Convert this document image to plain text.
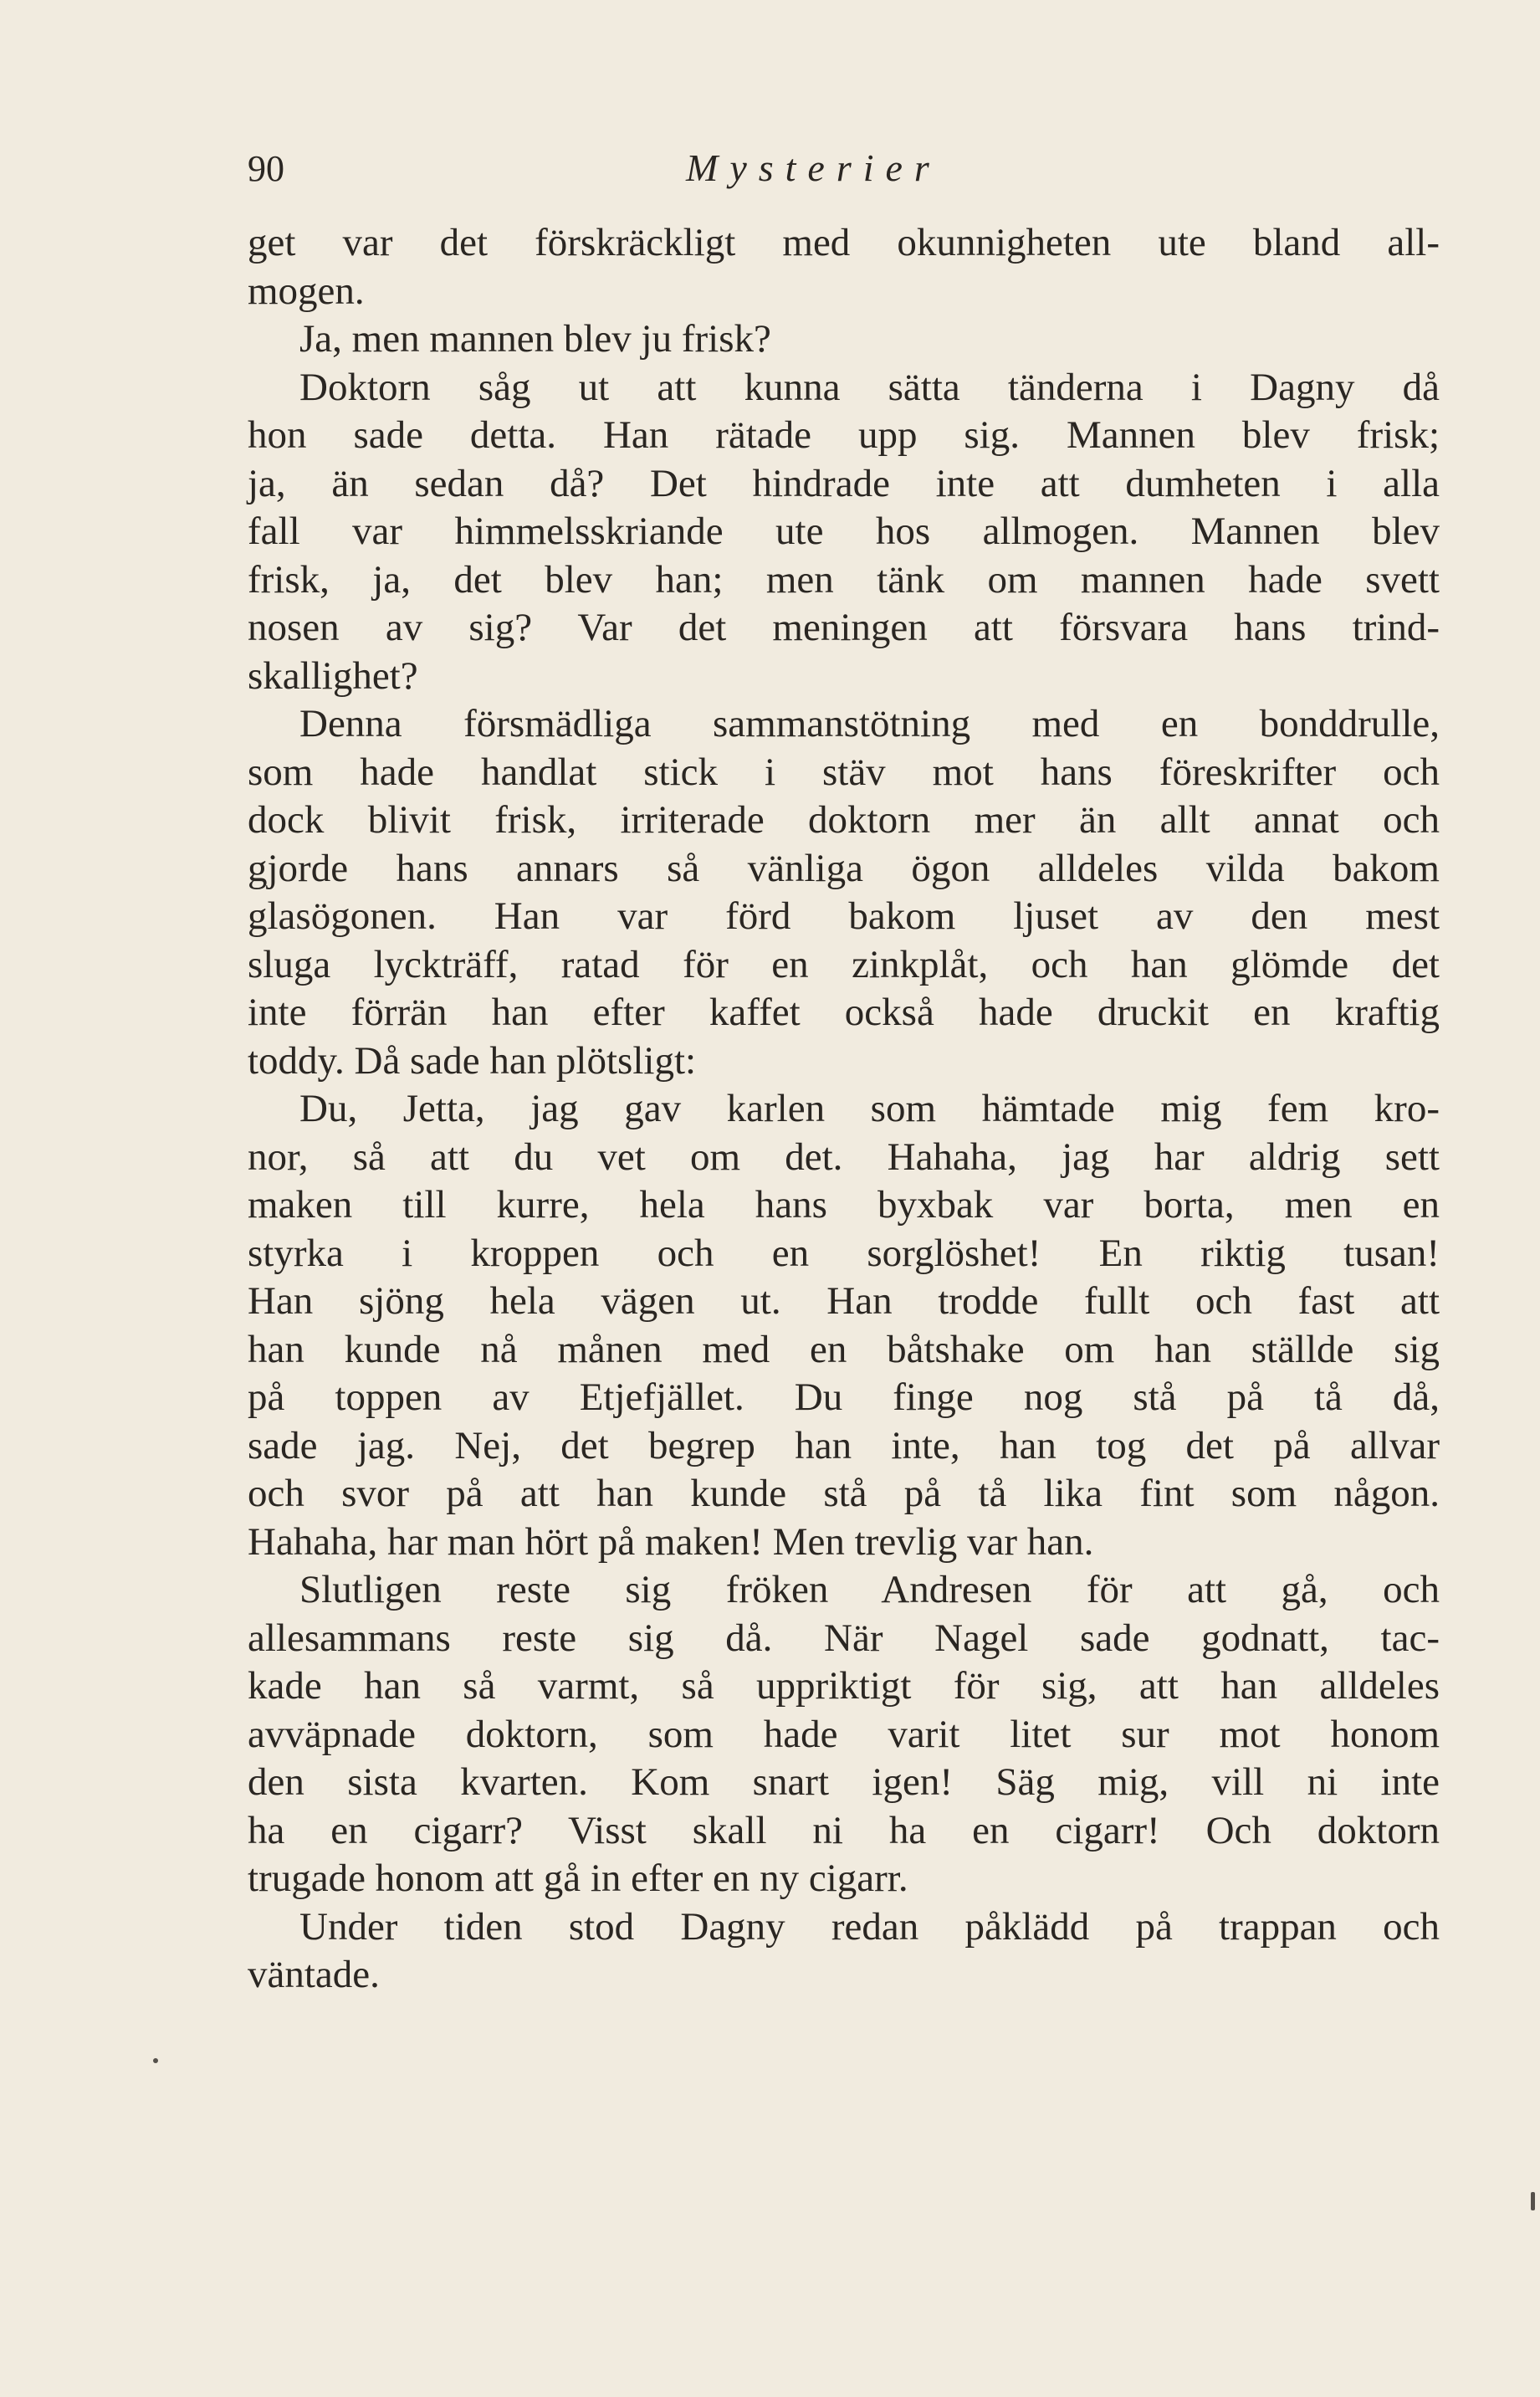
90	Mysterier
get var det förskräckligt med okunnigheten ute bland all-
mogen.
Ja, men mannen blev ju frisk?
Doktorn såg ut att kunna sätta tänderna i Dagny då
hon sade detta. Han rätade upp sig. Mannen blev frisk;
ja, än sedan då? Det hindrade inte att dumheten i alla
fall var himmelsskriande ute hos allmogen. Mannen blev
frisk, ja, det blev han; men tänk om mannen hade svett
nosen av sig? Var det meningen att försvara hans trind-
skallighet?
Denna försmädliga sammanstötning med en bonddrulle,
som hade handlat stick i stäv mot hans föreskrifter och
dock blivit frisk, irriterade doktorn mer än allt annat och
gjorde hans annars så vänliga ögon alldeles vilda bakom
glasögonen. Han var förd bakom ljuset av den mest
sluga lyckträff, ratad för en zinkplåt, och han glömde det
inte förrän han efter kaffet också hade druckit en kraftig
toddy. Då sade han plötsligt:
Du, Jetta, jag gav karlen som hämtade mig fem kro-
nor, så att du vet om det. Hahaha, jag har aldrig sett
maken till kurre, hela hans byxbak var borta, men en
styrka i kroppen och en sorglöshet! En riktig tusan!
Han sjöng hela vägen ut. Han trodde fullt och fast att
han kunde nå månen med en båtshake om han ställde sig
på toppen av Etjefjället. Du finge nog stå på tå då,
sade jag. Nej, det begrep han inte, han tog det på allvar
och svor på att han kunde stå på tå lika fint som någon.
Hahaha, har man hört på maken! Men trevlig var han.
Slutligen reste sig fröken Andresen för att gå, och
allesammans reste sig då. När Nagel sade godnatt, tac-
kade han så varmt, så uppriktigt för sig, att han alldeles
avväpnade doktorn, som hade varit litet sur mot honom
den sista kvarten. Kom snart igen! Säg mig, vill ni inte
ha en cigarr? Visst skall ni ha en cigarr! Och doktorn
trugade honom att gå in efter en ny cigarr.
Under tiden stod Dagny redan påklädd på trappan och
väntade.
